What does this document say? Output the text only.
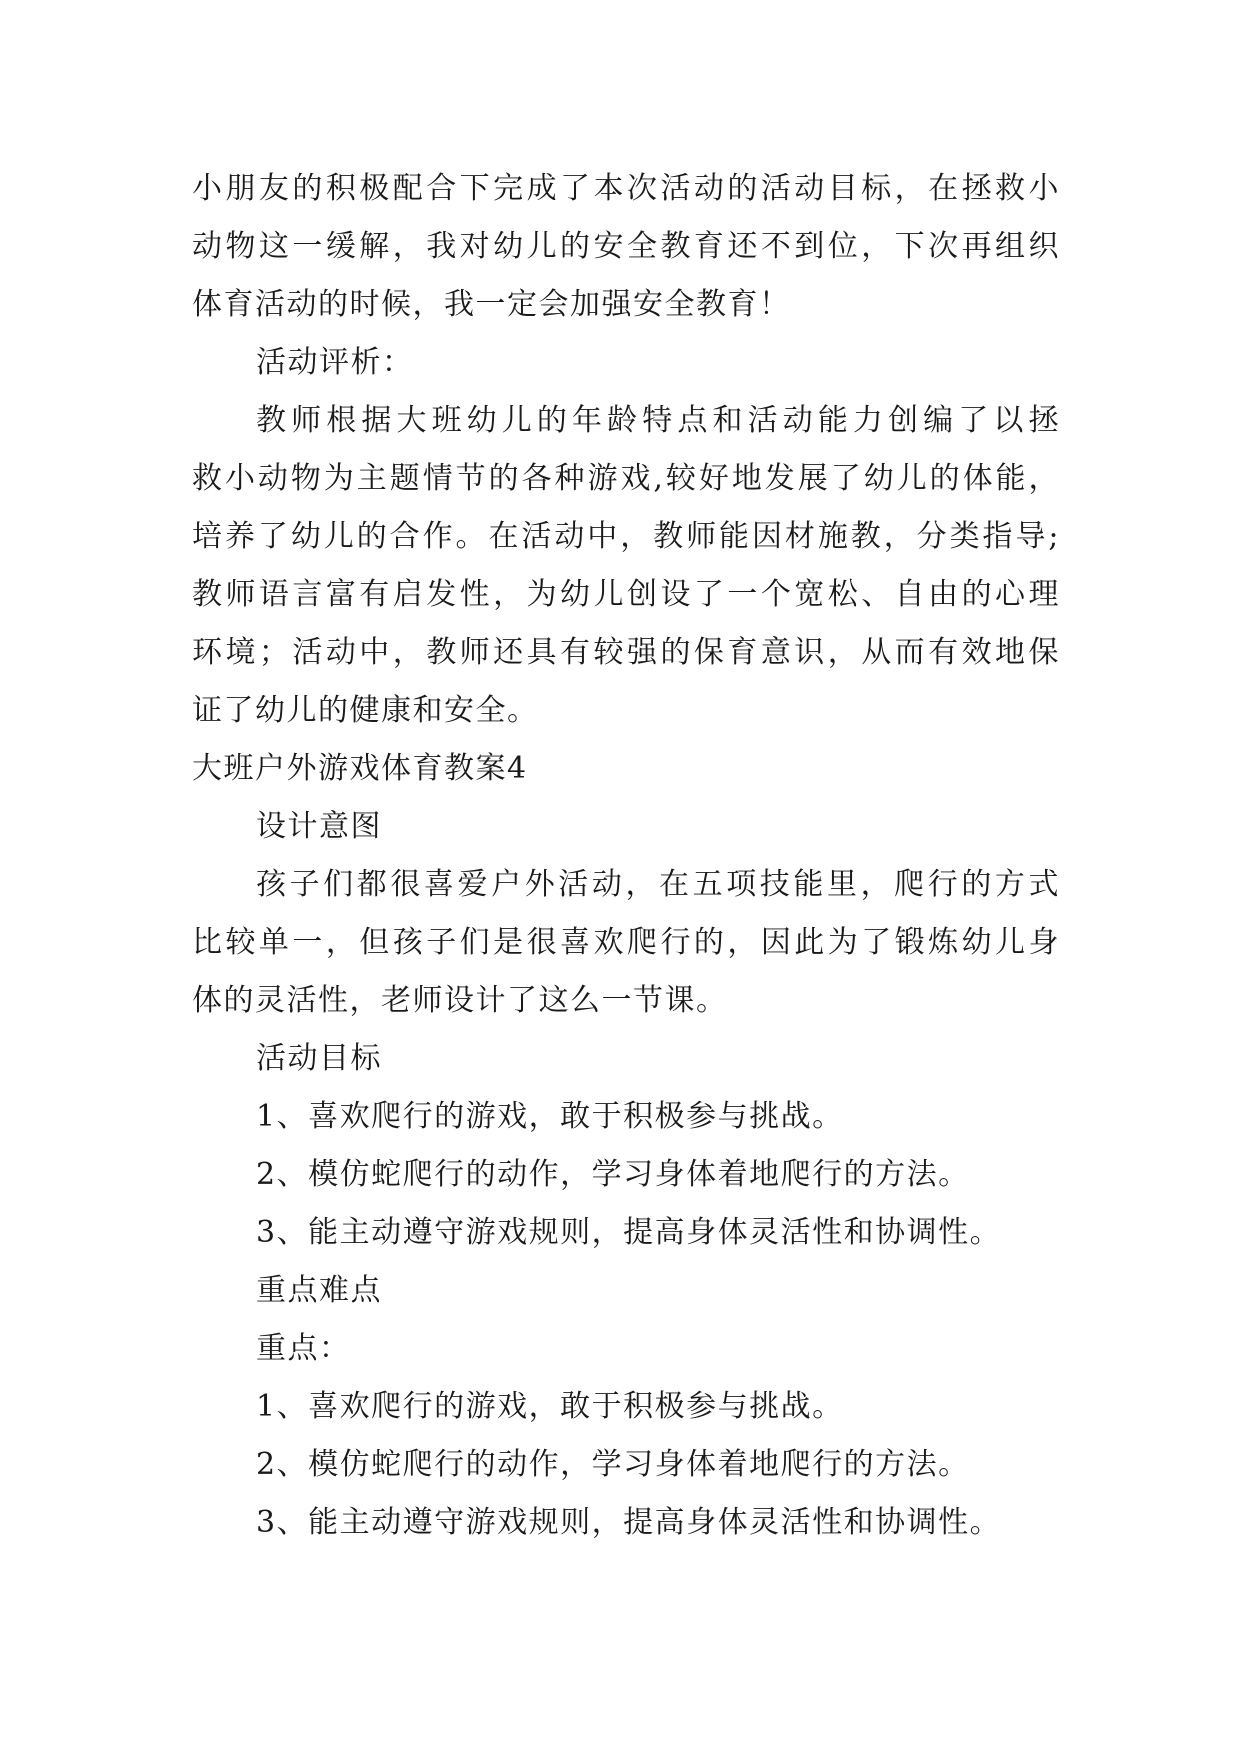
小朋友的积极配合下完成了本次活动的活动目标，在拯救小
动物这一缓解，我对幼儿的安全教育还不到位，下次再组织
体育活动的时候，我一定会加强安全教育！
活动评析：
教师根据大班幼儿的年龄特点和活动能力创编了以拯
救小动物为主题情节的各种游戏,较好地发展了幼儿的体能，
培养了幼儿的合作。在活动中，教师能因材施教，分类指导;
教师语言富有启发性，为幼儿创设了一个宽松、自由的心理
环境；活动中，教师还具有较强的保育意识，从而有效地保
证了幼儿的健康和安全。
大班户外游戏体育教案4
设计意图
孩子们都很喜爱户外活动，在五项技能里，爬行的方式
比较单一，但孩子们是很喜欢爬行的，因此为了锻炼幼儿身
体的灵活性，老师设计了这么一节课。
活动目标
1、喜欢爬行的游戏，敢于积极参与挑战。
2、模仿蛇爬行的动作，学习身体着地爬行的方法。
3、能主动遵守游戏规则，提高身体灵活性和协调性。
重点难点
重点：
1、喜欢爬行的游戏，敢于积极参与挑战。
2、模仿蛇爬行的动作，学习身体着地爬行的方法。
3、能主动遵守游戏规则，提高身体灵活性和协调性。
